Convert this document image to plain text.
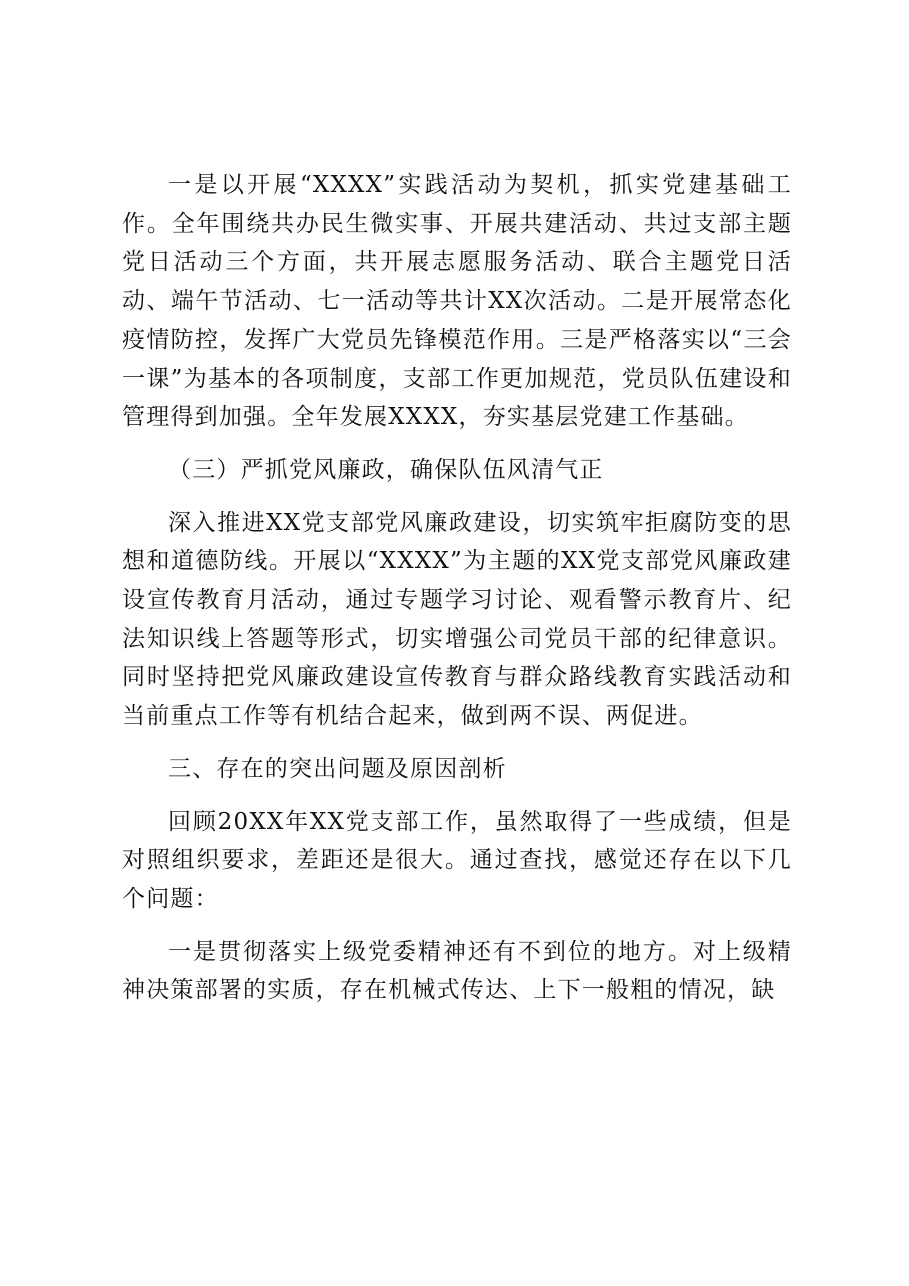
一是以开展“XXXX”实践活动为契机，抓实党建基础工作。全年围绕共办民生微实事、开展共建活动、共过支部主题党日活动三个方面，共开展志愿服务活动、联合主题党日活动、端午节活动、七一活动等共计XX次活动。二是开展常态化疫情防控，发挥广大党员先锋模范作用。三是严格落实以“三会一课”为基本的各项制度，支部工作更加规范，党员队伍建设和管理得到加强。全年发展XXXX，夯实基层党建工作基础。

（三）严抓党风廉政，确保队伍风清气正

深入推进XX党支部党风廉政建设，切实筑牢拒腐防变的思想和道德防线。开展以“XXXX”为主题的XX党支部党风廉政建设宣传教育月活动，通过专题学习讨论、观看警示教育片、纪法知识线上答题等形式，切实增强公司党员干部的纪律意识。同时坚持把党风廉政建设宣传教育与群众路线教育实践活动和当前重点工作等有机结合起来，做到两不误、两促进。

三、存在的突出问题及原因剖析

回顾20XX年XX党支部工作，虽然取得了一些成绩，但是对照组织要求，差距还是很大。通过查找，感觉还存在以下几个问题：

一是贯彻落实上级党委精神还有不到位的地方。对上级精神决策部署的实质，存在机械式传达、上下一般粗的情况，缺
